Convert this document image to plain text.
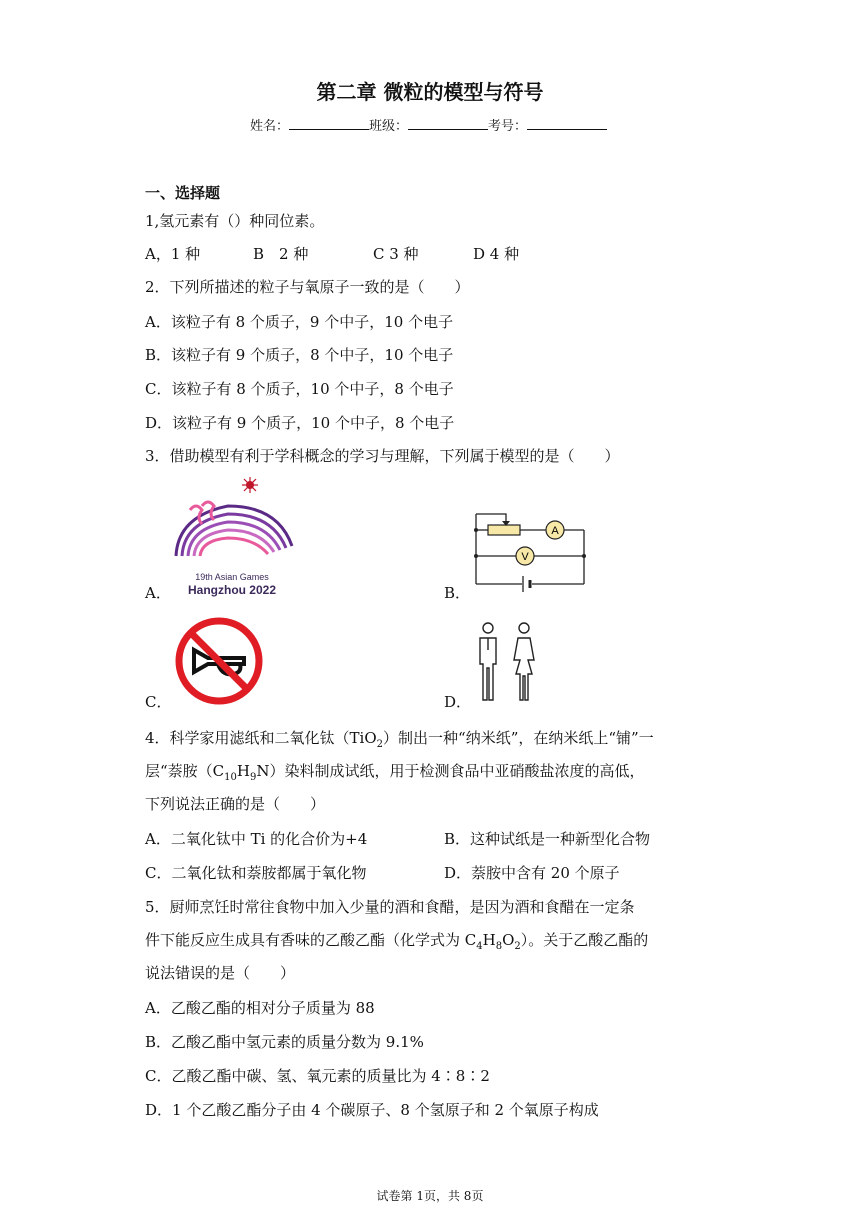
第二章 微粒的模型与符号
姓名：	班级：	考号：
一、选择题
1,氢元素有（）种同位素。
A，1 种	B　2 种	C 3 种	D 4 种
2．下列所描述的粒子与氧原子一致的是（　　）
A．该粒子有 8 个质子，9 个中子，10 个电子
B．该粒子有 9 个质子，8 个中子，10 个电子
C．该粒子有 8 个质子，10 个中子，8 个电子
D．该粒子有 9 个质子，10 个中子，8 个电子
3．借助模型有利于学科概念的学习与理解，下列属于模型的是（　　）
A．
19th Asian Games
Hangzhou 2022	B．
A
V
C．	D．
4．科学家用滤纸和二氧化钛（TiO$_2$）制出一种“纳米纸”，在纳米纸上“铺”一
层“萘胺$(C_{10}H_9N)$染料制成试纸，用于检测食品中亚硝酸盐浓度的高低，
下列说法正确的是（　　）
A．二氧化钛中 Ti 的化合价为+4	B．这种试纸是一种新型化合物
C．二氧化钛和萘胺都属于氧化物	D．萘胺中含有 20 个原子
5．厨师烹饪时常往食物中加入少量的酒和食醋，是因为酒和食醋在一定条
件下能反应生成具有香味的乙酸乙酯（化学式为 $C_4H_8O_2$）。关于乙酸乙酯的
说法错误的是（　　）
A．乙酸乙酯的相对分子质量为 88
B．乙酸乙酯中氢元素的质量分数为 9.1%
C．乙酸乙酯中碳、氢、氧元素的质量比为 4∶8∶2
D．1 个乙酸乙酯分子由 4 个碳原子、8 个氢原子和 2 个氧原子构成
试卷第 1页，共 8页
